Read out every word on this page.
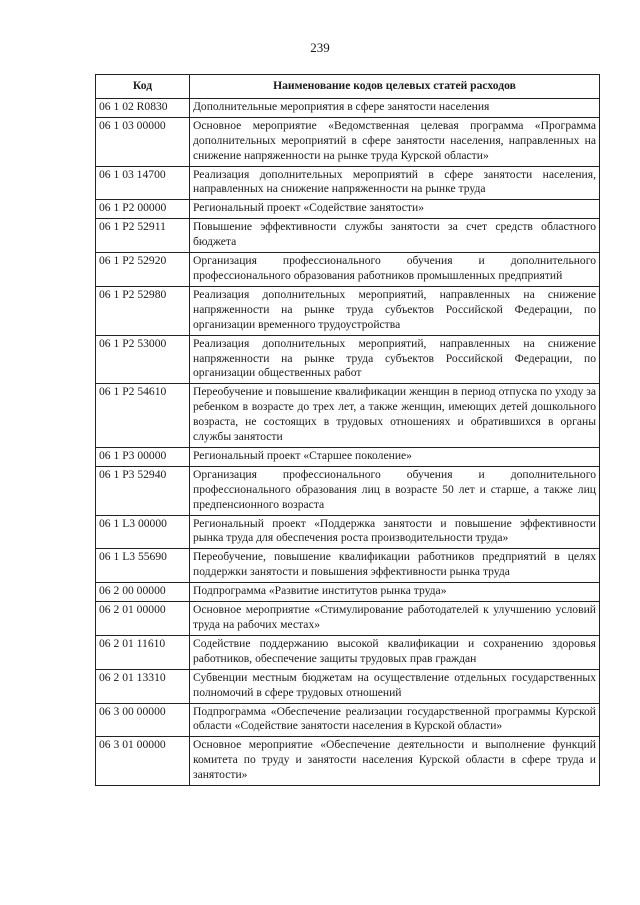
239
Код	Наименование кодов целевых статей расходов
06 1 02 R0830	Дополнительные мероприятия в сфере занятости населения
06 1 03 00000	Основное мероприятие «Ведомственная целевая программа «Программа дополнительных мероприятий в сфере занятости населения, направленных на снижение напряженности на рынке труда Курской области»
06 1 03 14700	Реализация дополнительных мероприятий в сфере занятости населения, направленных на снижение напряженности на рынке труда
06 1 P2 00000	Региональный проект «Содействие занятости»
06 1 P2 52911	Повышение эффективности службы занятости за счет средств областного бюджета
06 1 P2 52920	Организация профессионального обучения и дополнительного профессионального образования работников промышленных предприятий
06 1 P2 52980	Реализация дополнительных мероприятий, направленных на снижение напряженности на рынке труда субъектов Российской Федерации, по организации временного трудоустройства
06 1 P2 53000	Реализация дополнительных мероприятий, направленных на снижение напряженности на рынке труда субъектов Российской Федерации, по организации общественных работ
06 1 P2 54610	Переобучение и повышение квалификации женщин в период отпуска по уходу за ребенком в возрасте до трех лет, а также женщин, имеющих детей дошкольного возраста, не состоящих в трудовых отношениях и обратившихся в органы службы занятости
06 1 P3 00000	Региональный проект «Старшее поколение»
06 1 P3 52940	Организация профессионального обучения и дополнительного профессионального образования лиц в возрасте 50 лет и старше, а также лиц предпенсионного возраста
06 1 L3 00000	Региональный проект «Поддержка занятости и повышение эффективности рынка труда для обеспечения роста производительности труда»
06 1 L3 55690	Переобучение, повышение квалификации работников предприятий в целях поддержки занятости и повышения эффективности рынка труда
06 2 00 00000	Подпрограмма «Развитие институтов рынка труда»
06 2 01 00000	Основное мероприятие «Стимулирование работодателей к улучшению условий труда на рабочих местах»
06 2 01 11610	Содействие поддержанию высокой квалификации и сохранению здоровья работников, обеспечение защиты трудовых прав граждан
06 2 01 13310	Субвенции местным бюджетам на осуществление отдельных государственных полномочий в сфере трудовых отношений
06 3 00 00000	Подпрограмма «Обеспечение реализации государственной программы Курской области «Содействие занятости населения в Курской области»
06 3 01 00000	Основное мероприятие «Обеспечение деятельности и выполнение функций комитета по труду и занятости населения Курской области в сфере труда и занятости»
